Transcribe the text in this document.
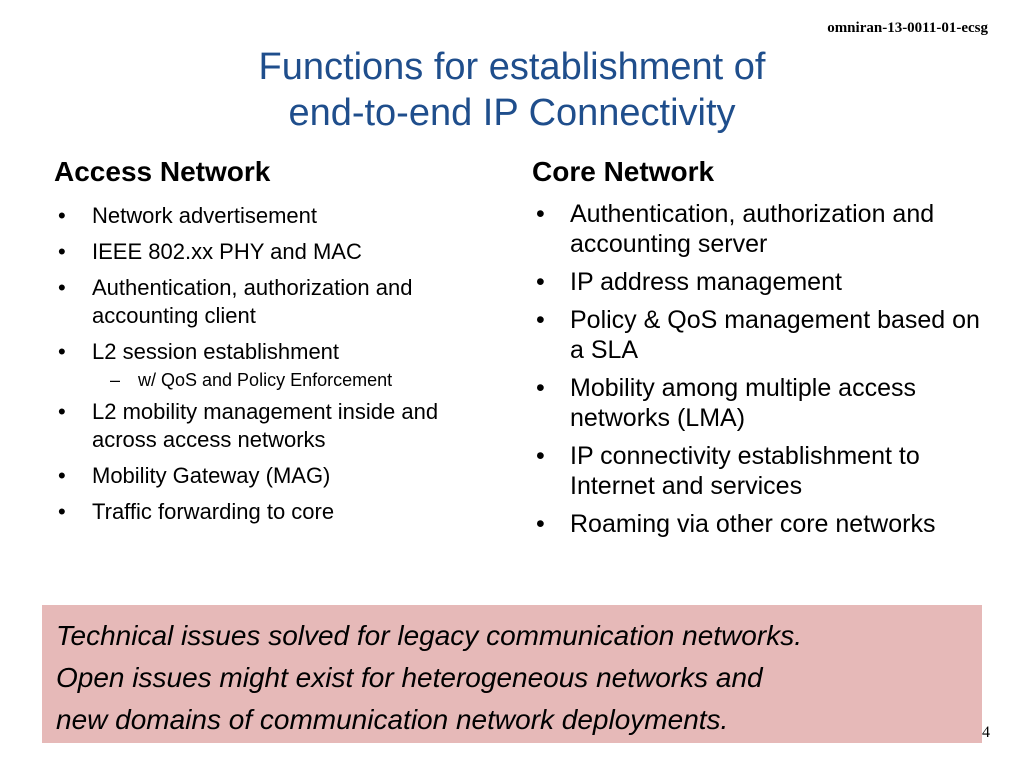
omniran-13-0011-01-ecsg
Functions for establishment of
end-to-end IP Connectivity
Access Network
• Network advertisement
• IEEE 802.xx PHY and MAC
• Authentication, authorization and accounting client
• L2 session establishment
– w/ QoS and Policy Enforcement
• L2 mobility management inside and across access networks
• Mobility Gateway (MAG)
• Traffic forwarding to core
Core Network
• Authentication, authorization and accounting server
• IP address management
• Policy & QoS management based on a SLA
• Mobility among multiple access networks (LMA)
• IP connectivity establishment to Internet and services
• Roaming via other core networks
Technical issues solved for legacy communication networks.
Open issues might exist for heterogeneous networks and
new domains of communication network deployments.	4
